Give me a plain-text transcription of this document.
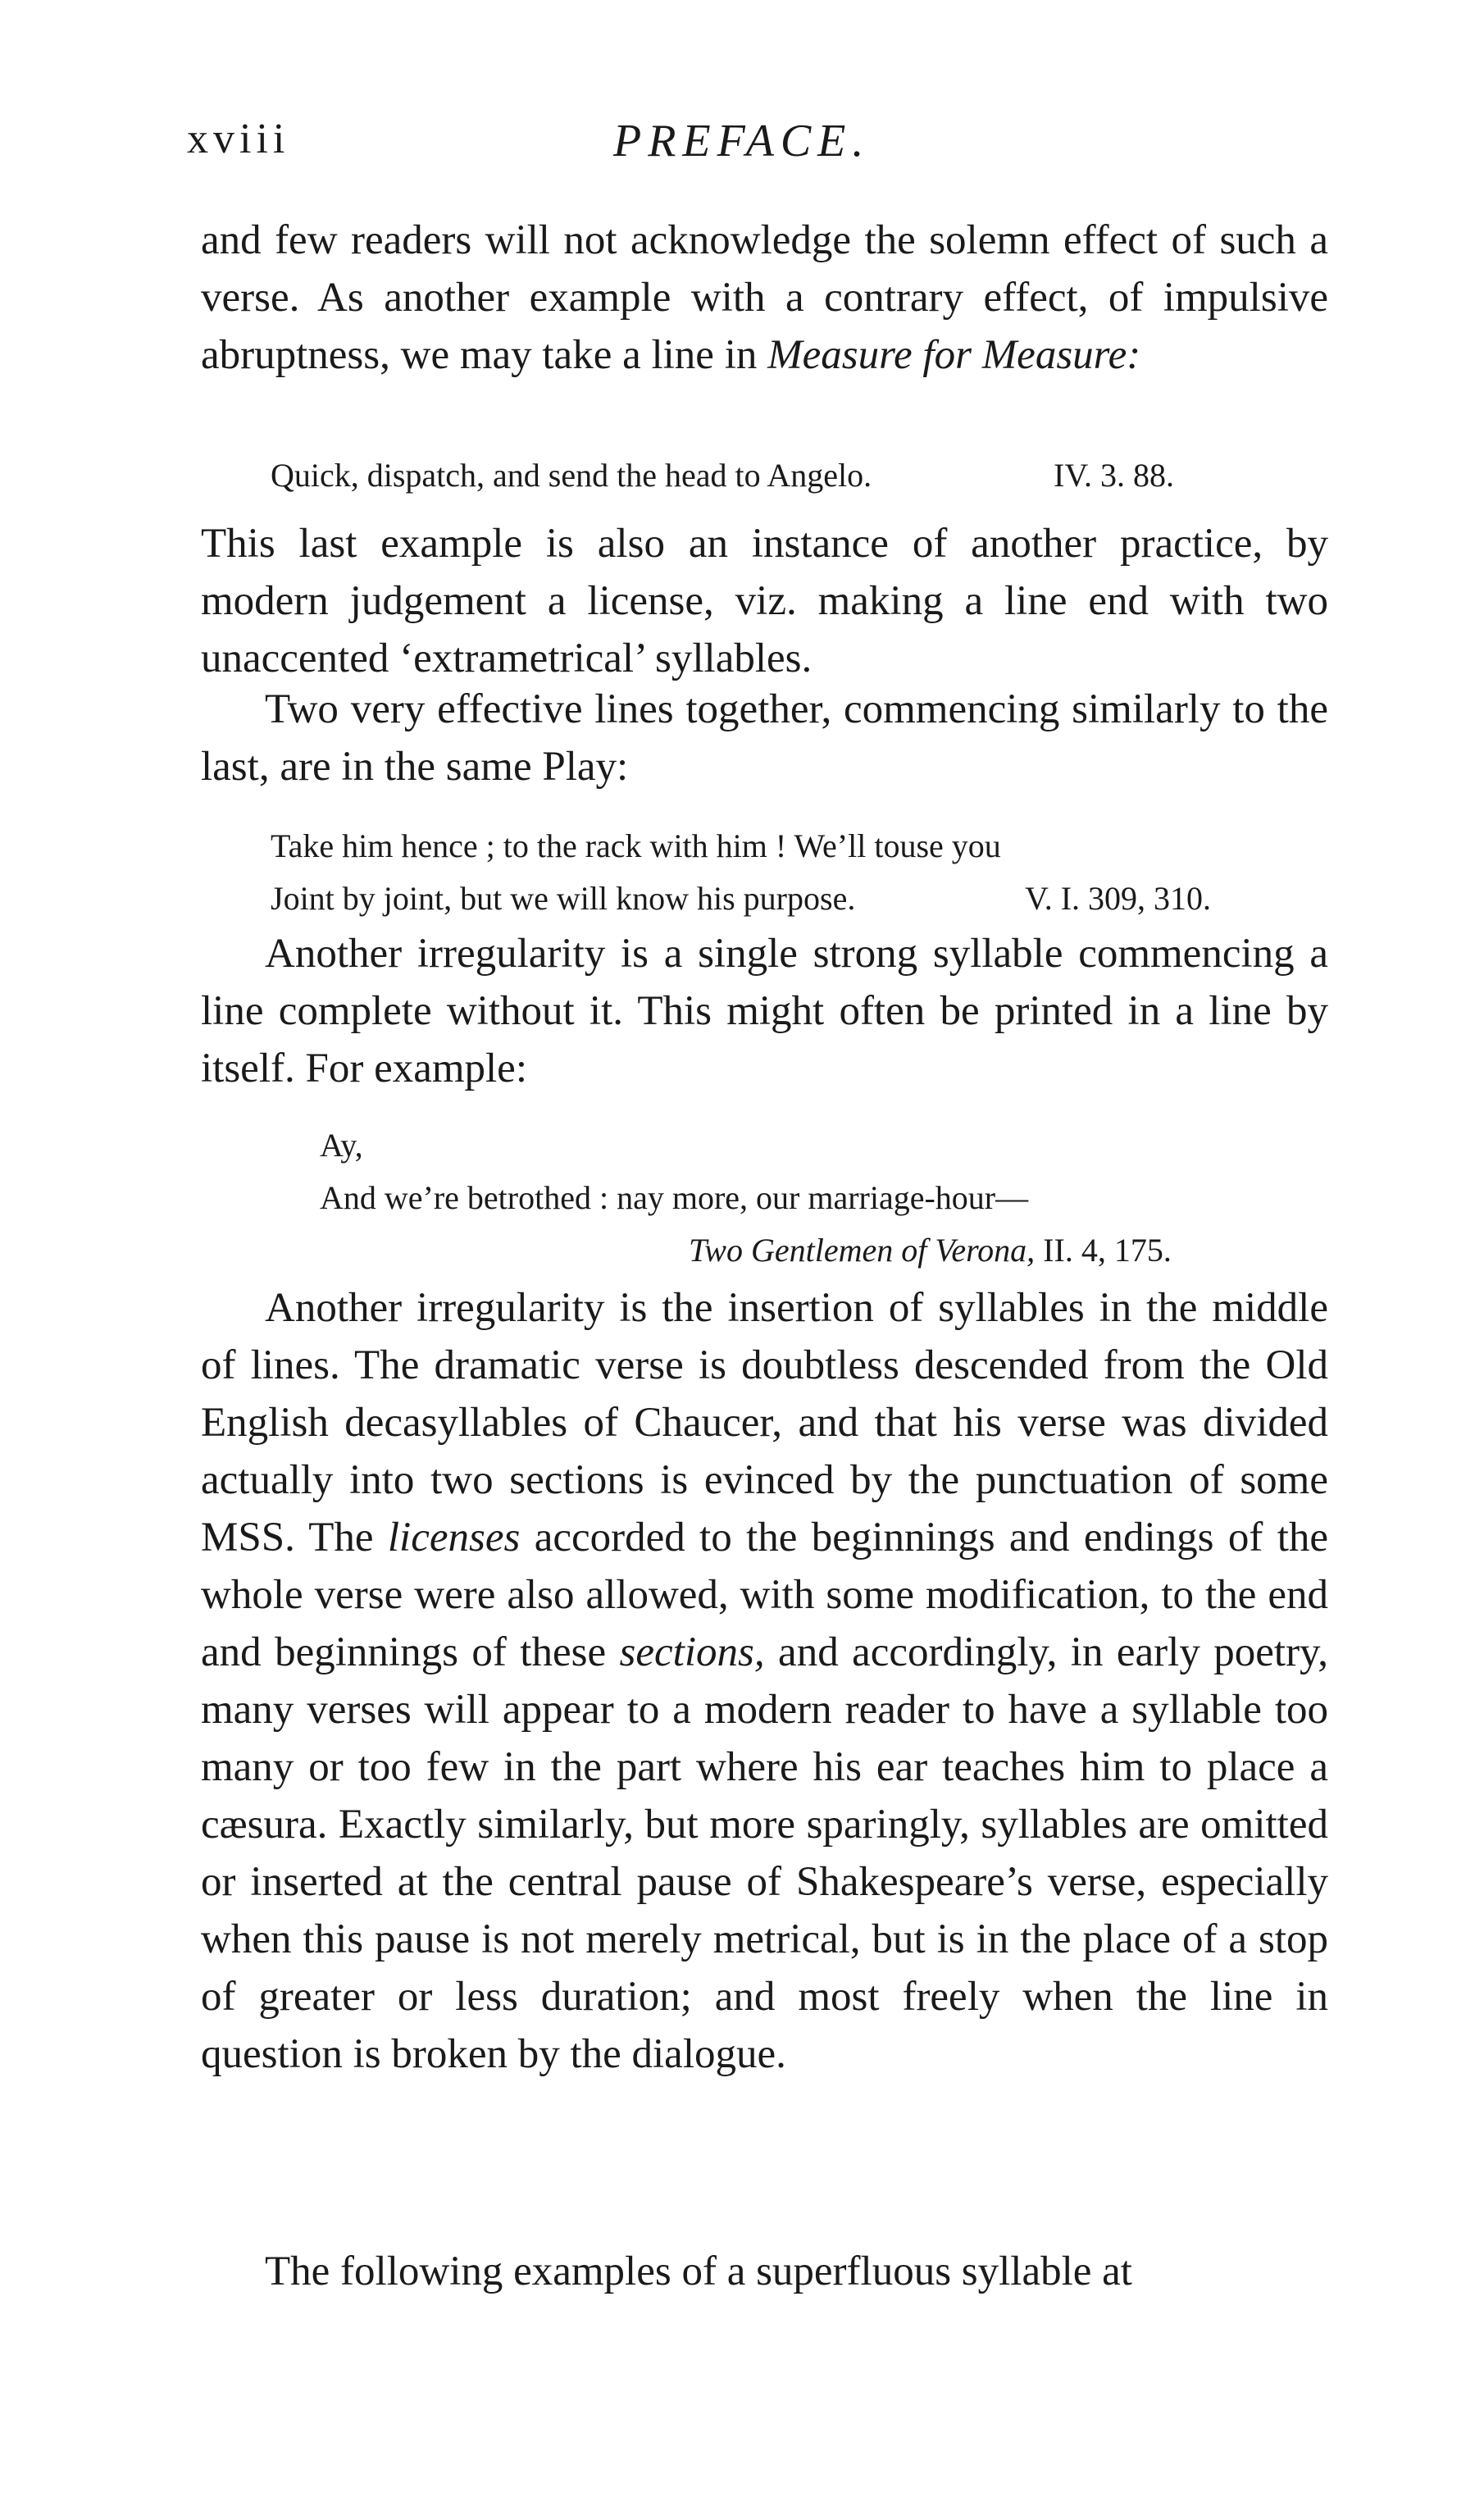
xviii	PREFACE.

and few readers will not acknowledge the solemn effect of such a verse. As another example with a contrary effect, of impulsive abruptness, we may take a line in Measure for Measure:

Quick, dispatch, and send the head to Angelo.	IV. 3. 88.

This last example is also an instance of another practice, by modern judgement a license, viz. making a line end with two unaccented ‘extrametrical’ syllables.

Two very effective lines together, commencing similarly to the last, are in the same Play:

Take him hence ; to the rack with him ! We’ll touse you
Joint by joint, but we will know his purpose.	V. I. 309, 310.

Another irregularity is a single strong syllable commencing a line complete without it. This might often be printed in a line by itself. For example:

Ay,
And we’re betrothed : nay more, our marriage-hour—
Two Gentlemen of Verona, II. 4, 175.

Another irregularity is the insertion of syllables in the middle of lines. The dramatic verse is doubtless descended from the Old English decasyllables of Chaucer, and that his verse was divided actually into two sections is evinced by the punctuation of some MSS. The licenses accorded to the beginnings and endings of the whole verse were also allowed, with some modification, to the end and beginnings of these sections, and accordingly, in early poetry, many verses will appear to a modern reader to have a syllable too many or too few in the part where his ear teaches him to place a cæsura. Exactly similarly, but more sparingly, syllables are omitted or inserted at the central pause of Shakespeare’s verse, especially when this pause is not merely metrical, but is in the place of a stop of greater or less duration; and most freely when the line in question is broken by the dialogue.

The following examples of a superfluous syllable at
